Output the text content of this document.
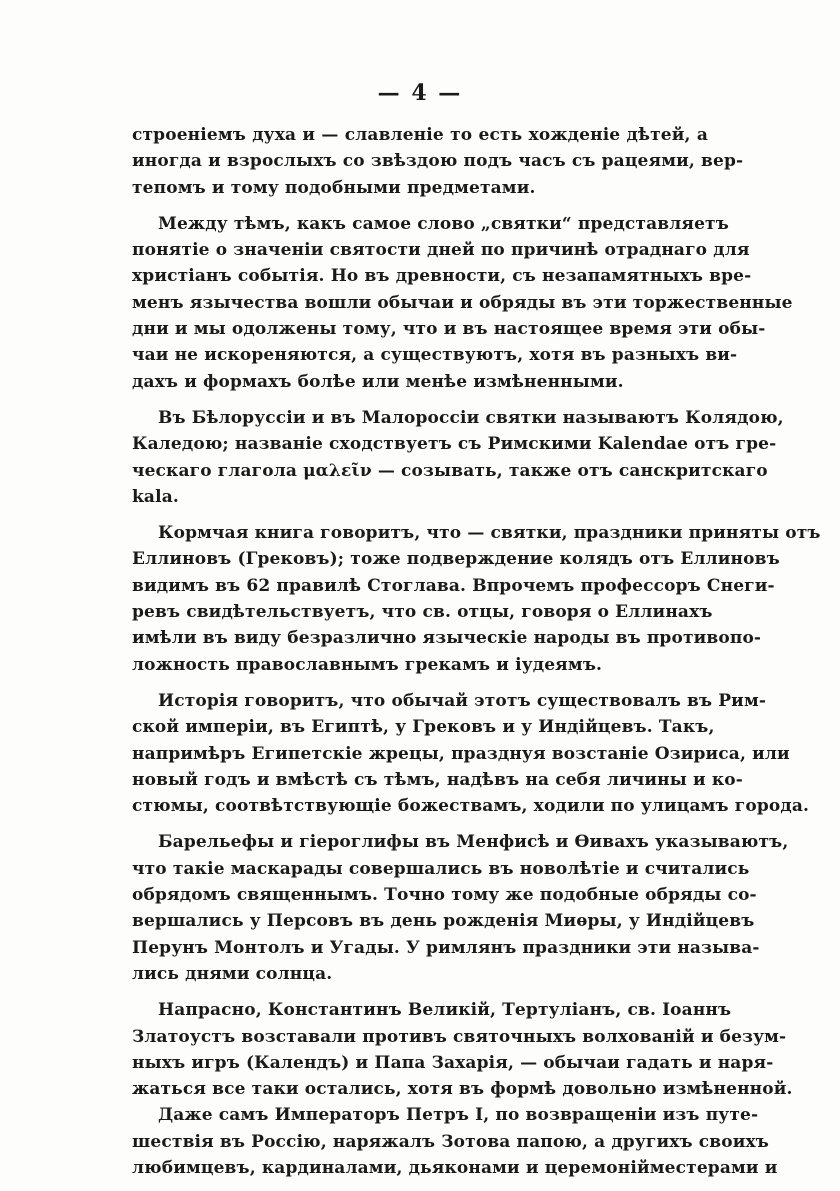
— 4 —
строеніемъ духа и — славленіе то есть хожденіе дѣтей, а
иногда и взрослыхъ со звѣздою подъ часъ съ рацеями, вер-
тепомъ и тому подобными предметами.
Между тѣмъ, какъ самое слово „святки“ представляетъ
понятіе о значеніи святости дней по причинѣ отраднаго для
христіанъ событія. Но въ древности, съ незапамятныхъ вре-
менъ язычества вошли обычаи и обряды въ эти торжественные
дни и мы одолжены тому, что и въ настоящее время эти обы-
чаи не искореняются, а существуютъ, хотя въ разныхъ ви-
дахъ и формахъ болѣе или менѣе измѣненными.
Въ Бѣлоруссіи и въ Малороссіи святки называютъ Колядою,
Каледою; названіе сходствуетъ съ Римскими Kalendae отъ гре-
ческаго глагола μαλεῖν — созывать, также отъ санскритскаго
kala.
Кормчая книга говоритъ, что — святки, праздники приняты отъ
Еллиновъ (Грековъ); тоже подверждение колядъ отъ Еллиновъ
видимъ въ 62 правилѣ Стоглава. Впрочемъ профессоръ Снеги-
ревъ свидѣтельствуетъ, что св. отцы, говоря о Еллинахъ
имѣли въ виду безразлично языческіе народы въ противопо-
ложность православнымъ грекамъ и іудеямъ.
Исторія говоритъ, что обычай этотъ существовалъ въ Рим-
ской имперіи, въ Египтѣ, у Грековъ и у Индійцевъ. Такъ,
напримѣръ Египетскіе жрецы, празднуя возстаніе Озириса, или
новый годъ и вмѣстѣ съ тѣмъ, надѣвъ на себя личины и ко-
стюмы, соотвѣтствующіе божествамъ, ходили по улицамъ города.
Барельефы и гіероглифы въ Менфисѣ и Ѳивахъ указываютъ,
что такіе маскарады совершались въ новолѣтіе и считались
обрядомъ священнымъ. Точно тому же подобные обряды со-
вершались у Персовъ въ день рожденія Миѳры, у Индійцевъ
Перунъ Монтолъ и Угады. У римлянъ праздники эти называ-
лись днями солнца.
Напрасно, Константинъ Великій, Тертуліанъ, св. Іоаннъ
Златоустъ возставали противъ святочныхъ волхованій и безум-
ныхъ игръ (Календъ) и Папа Захарія, — обычаи гадать и наря-
жаться все таки остались, хотя въ формѣ довольно измѣненной.
Даже самъ Императоръ Петръ I, по возвращеніи изъ путе-
шествія въ Россію, наряжалъ Зотова папою, а другихъ своихъ
любимцевъ, кардиналами, дьяконами и церемонійместерами и
